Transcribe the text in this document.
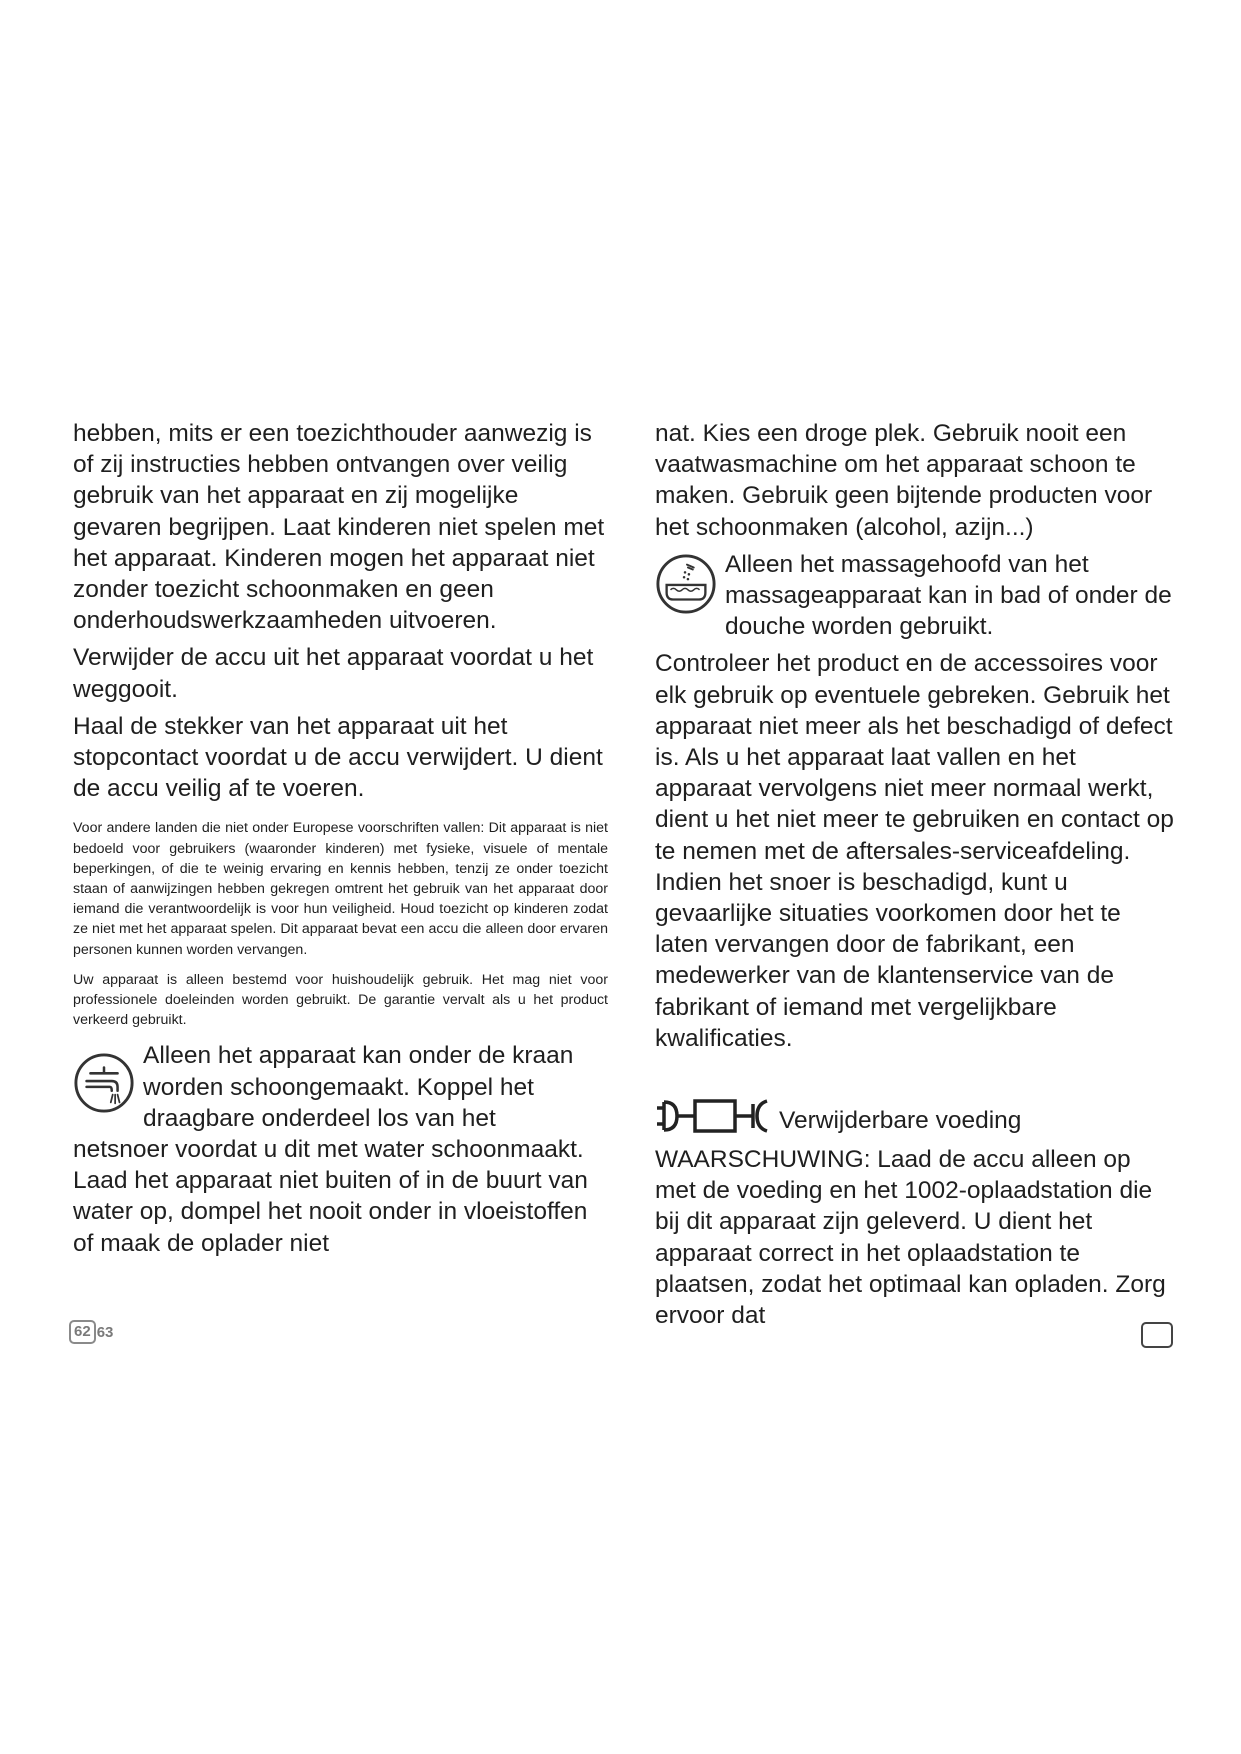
hebben, mits er een toezichthouder aanwezig is of zij instructies hebben ontvangen over veilig gebruik van het apparaat en zij mogelijke gevaren begrijpen. Laat kinderen niet spelen met het apparaat. Kinderen mogen het apparaat niet zonder toezicht schoonmaken en geen onderhoudswerkzaamheden uitvoeren.

Verwijder de accu uit het apparaat voordat u het weggooit.

Haal de stekker van het apparaat uit het stopcontact voordat u de accu verwijdert. U dient de accu veilig af te voeren.

Voor andere landen die niet onder Europese voorschriften vallen: Dit apparaat is niet bedoeld voor gebruikers (waaronder kinderen) met fysieke, visuele of mentale beperkingen, of die te weinig ervaring en kennis hebben, tenzij ze onder toezicht staan of aanwijzingen hebben gekregen omtrent het gebruik van het apparaat door iemand die verantwoordelijk is voor hun veiligheid. Houd toezicht op kinderen zodat ze niet met het apparaat spelen. Dit apparaat bevat een accu die alleen door ervaren personen kunnen worden vervangen.

Uw apparaat is alleen bestemd voor huishoudelijk gebruik. Het mag niet voor professionele doeleinden worden gebruikt. De garantie vervalt als u het product verkeerd gebruikt.

Alleen het apparaat kan onder de kraan worden schoongemaakt. Koppel het draagbare onderdeel los van het

netsnoer voordat u dit met water schoonmaakt. Laad het apparaat niet buiten of in de buurt van water op, dompel het nooit onder in vloeistoffen of maak de oplader niet

nat. Kies een droge plek. Gebruik nooit een vaatwasmachine om het apparaat schoon te maken. Gebruik geen bijtende producten voor het schoonmaken (alcohol, azijn...)

Alleen het massagehoofd van het massageapparaat kan in bad of onder de douche worden gebruikt.

Controleer het product en de accessoires voor elk gebruik op eventuele gebreken. Gebruik het apparaat niet meer als het beschadigd of defect is. Als u het apparaat laat vallen en het apparaat vervolgens niet meer normaal werkt, dient u het niet meer te gebruiken en contact op te nemen met de aftersales-serviceafdeling. Indien het snoer is beschadigd, kunt u gevaarlijke situaties voorkomen door het te laten vervangen door de fabrikant, een medewerker van de klantenservice van de fabrikant of iemand met vergelijkbare kwalificaties.

Verwijderbare voeding

WAARSCHUWING: Laad de accu alleen op met de voeding en het 1002-oplaadstation die bij dit apparaat zijn geleverd. U dient het apparaat correct in het oplaadstation te plaatsen, zodat het optimaal kan opladen. Zorg ervoor dat

62 63
